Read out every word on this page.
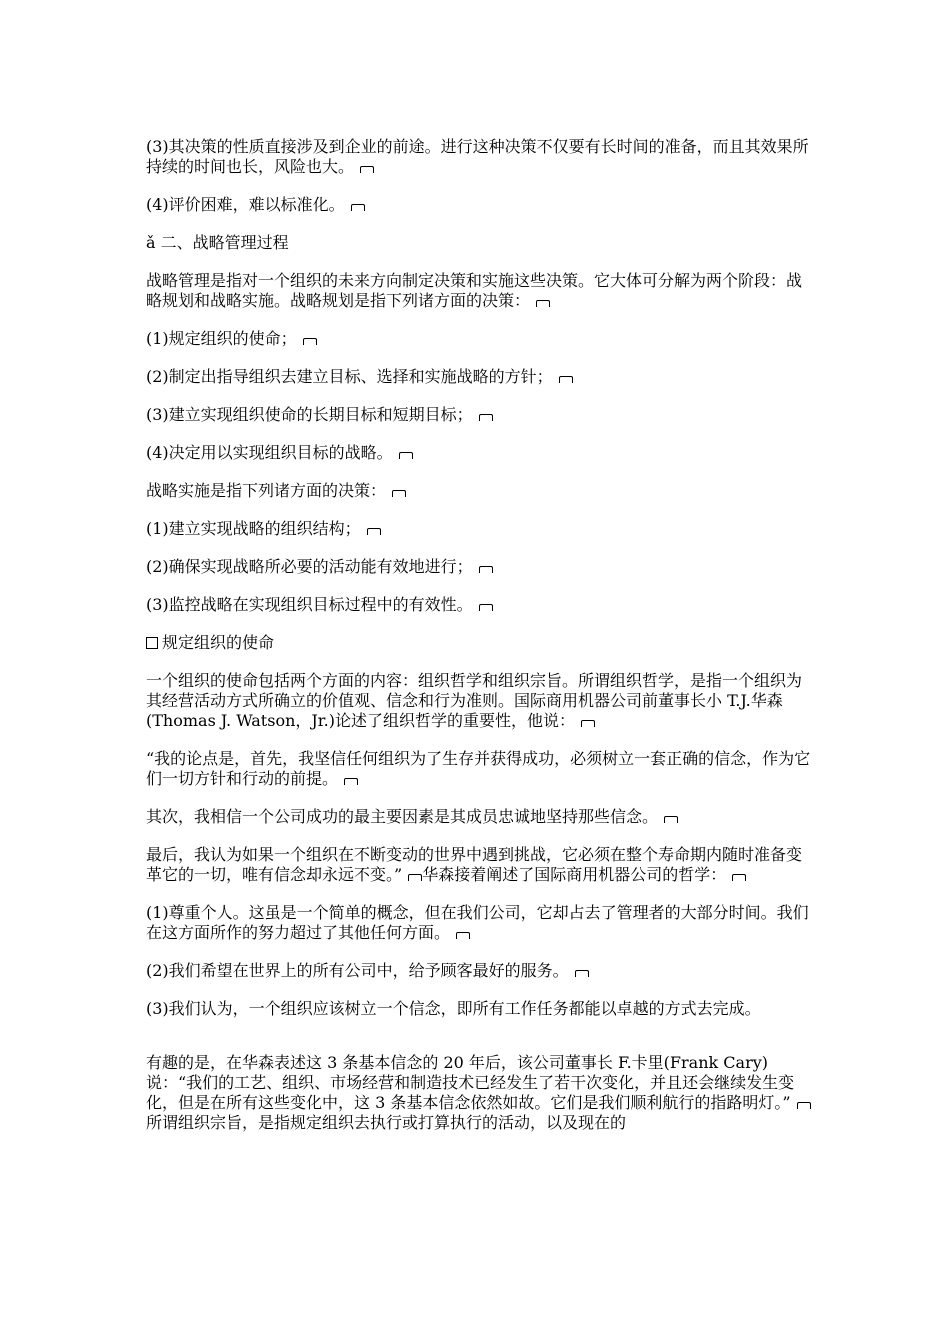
(3)其决策的性质直接涉及到企业的前途。进行这种决策不仅要有长时间的准备，而且其效果所持续的时间也长，风险也大。

(4)评价困难，难以标准化。

ǎ 二、战略管理过程

战略管理是指对一个组织的未来方向制定决策和实施这些决策。它大体可分解为两个阶段：战略规划和战略实施。战略规划是指下列诸方面的决策：

(1)规定组织的使命；

(2)制定出指导组织去建立目标、选择和实施战略的方针；

(3)建立实现组织使命的长期目标和短期目标；

(4)决定用以实现组织目标的战略。

战略实施是指下列诸方面的决策：

(1)建立实现战略的组织结构；

(2)确保实现战略所必要的活动能有效地进行；

(3)监控战略在实现组织目标过程中的有效性。

规定组织的使命

一个组织的使命包括两个方面的内容：组织哲学和组织宗旨。所谓组织哲学，是指一个组织为其经营活动方式所确立的价值观、信念和行为准则。国际商用机器公司前董事长小 T.J.华森(Thomas J. Watson，Jr.)论述了组织哲学的重要性，他说：

“我的论点是，首先，我坚信任何组织为了生存并获得成功，必须树立一套正确的信念，作为它们一切方针和行动的前提。

其次，我相信一个公司成功的最主要因素是其成员忠诚地坚持那些信念。

最后，我认为如果一个组织在不断变动的世界中遇到挑战，它必须在整个寿命期内随时准备变革它的一切，唯有信念却永远不变。” 华森接着阐述了国际商用机器公司的哲学：

(1)尊重个人。这虽是一个简单的概念，但在我们公司，它却占去了管理者的大部分时间。我们在这方面所作的努力超过了其他任何方面。

(2)我们希望在世界上的所有公司中，给予顾客最好的服务。

(3)我们认为，一个组织应该树立一个信念，即所有工作任务都能以卓越的方式去完成。

有趣的是，在华森表述这 3 条基本信念的 20 年后，该公司董事长 F.卡里(Frank Cary)说：“我们的工艺、组织、市场经营和制造技术已经发生了若干次变化，并且还会继续发生变化，但是在所有这些变化中，这 3 条基本信念依然如故。它们是我们顺利航行的指路明灯。”所谓组织宗旨，是指规定组织去执行或打算执行的活动，以及现在的
